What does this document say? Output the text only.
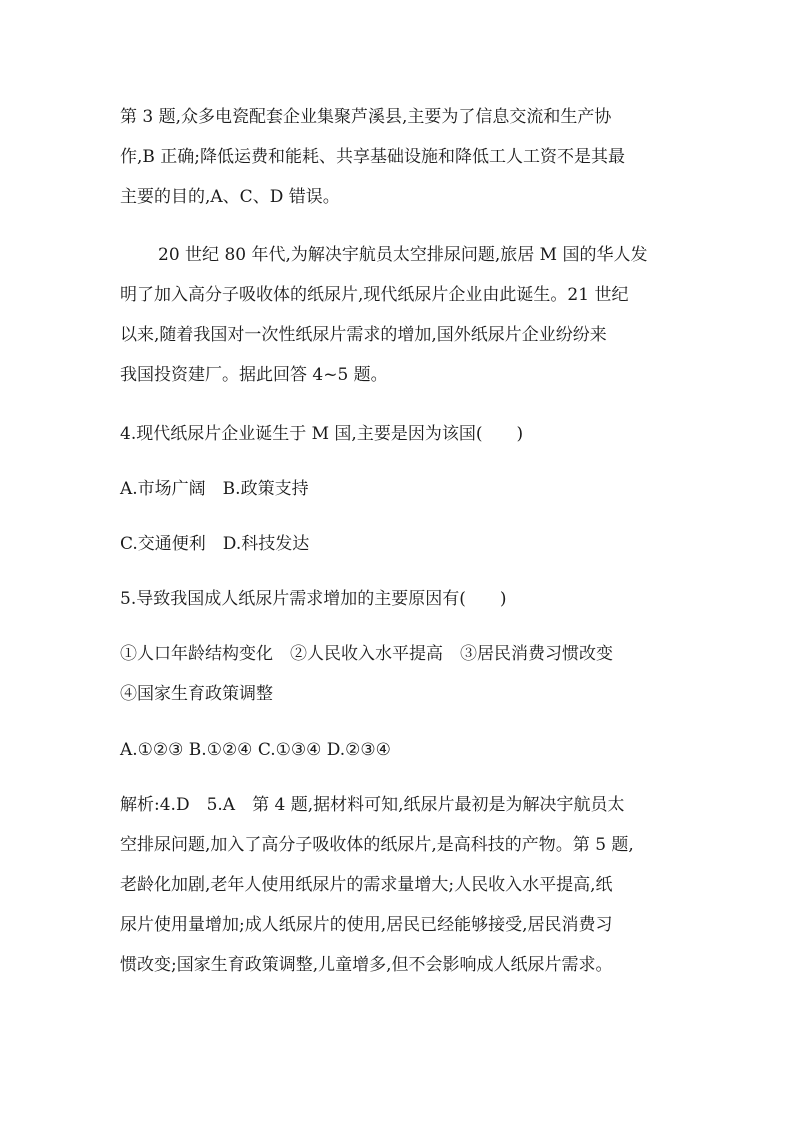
第 3 题,众多电瓷配套企业集聚芦溪县,主要为了信息交流和生产协
作,B 正确;降低运费和能耗、共享基础设施和降低工人工资不是其最
主要的目的,A、C、D 错误。
20 世纪 80 年代,为解决宇航员太空排尿问题,旅居 M 国的华人发
明了加入高分子吸收体的纸尿片,现代纸尿片企业由此诞生。21 世纪
以来,随着我国对一次性纸尿片需求的增加,国外纸尿片企业纷纷来
我国投资建厂。据此回答 4~5 题。
4.现代纸尿片企业诞生于 M 国,主要是因为该国(　　)
A.市场广阔　B.政策支持
C.交通便利　D.科技发达
5.导致我国成人纸尿片需求增加的主要原因有(　　)
①人口年龄结构变化　②人民收入水平提高　③居民消费习惯改变
④国家生育政策调整
A.①②③ B.①②④ C.①③④ D.②③④
解析:4.D　5.A　第 4 题,据材料可知,纸尿片最初是为解决宇航员太
空排尿问题,加入了高分子吸收体的纸尿片,是高科技的产物。第 5 题,
老龄化加剧,老年人使用纸尿片的需求量增大;人民收入水平提高,纸
尿片使用量增加;成人纸尿片的使用,居民已经能够接受,居民消费习
惯改变;国家生育政策调整,儿童增多,但不会影响成人纸尿片需求。
